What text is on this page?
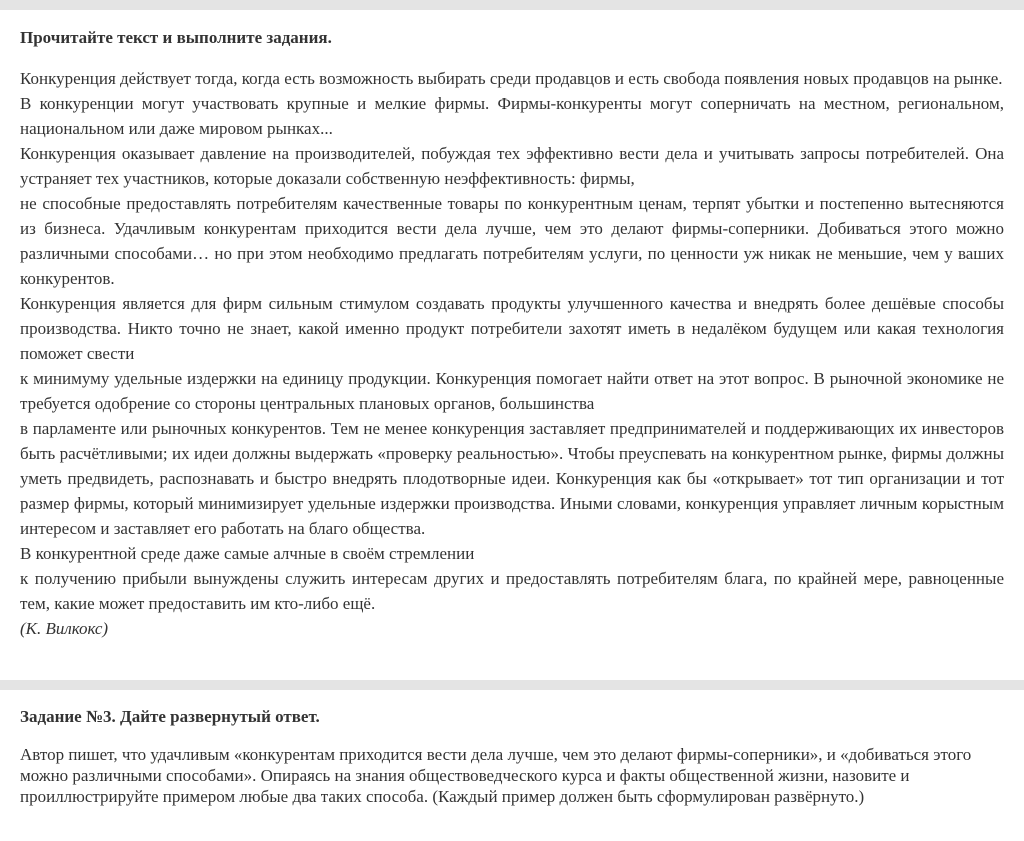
Прочитайте текст и выполните задания.

Конкуренция действует тогда, когда есть возможность выбирать среди продавцов и есть свобода появления новых продавцов на рынке.

В конкуренции могут участвовать крупные и мелкие фирмы. Фирмы-конкуренты могут соперничать на местном, региональном, национальном или даже мировом рынках...

Конкуренция оказывает давление на производителей, побуждая тех эффективно вести дела и учитывать запросы потребителей. Она устраняет тех участников, которые доказали собственную неэффективность: фирмы,

не способные предоставлять потребителям качественные товары по конкурентным ценам, терпят убытки и постепенно вытесняются из бизнеса. Удачливым конкурентам приходится вести дела лучше, чем это делают фирмы-соперники. Добиваться этого можно различными способами… но при этом необходимо предлагать потребителям услуги, по ценности уж никак не меньшие, чем у ваших конкурентов.

Конкуренция является для фирм сильным стимулом создавать продукты улучшенного качества и внедрять более дешёвые способы производства. Никто точно не знает, какой именно продукт потребители захотят иметь в недалёком будущем или какая технология поможет свести

к минимуму удельные издержки на единицу продукции. Конкуренция помогает найти ответ на этот вопрос. В рыночной экономике не требуется одобрение со стороны центральных плановых органов, большинства

в парламенте или рыночных конкурентов. Тем не менее конкуренция заставляет предпринимателей и поддерживающих их инвесторов быть расчётливыми; их идеи должны выдержать «проверку реальностью». Чтобы преуспевать на конкурентном рынке, фирмы должны уметь предвидеть, распознавать и быстро внедрять плодотворные идеи. Конкуренция как бы «открывает» тот тип организации и тот размер фирмы, который минимизирует удельные издержки производства. Иными словами, конкуренция управляет личным корыстным интересом и заставляет его работать на благо общества.

В конкурентной среде даже самые алчные в своём стремлении

к получению прибыли вынуждены служить интересам других и предоставлять потребителям блага, по крайней мере, равноценные тем, какие может предоставить им кто-либо ещё.

(К. Вилкокс)

Задание №3. Дайте развернутый ответ.

Автор пишет, что удачливым «конкурентам приходится вести дела лучше, чем это делают фирмы-соперники», и «добиваться этого можно различными способами». Опираясь на знания обществоведческого курса и факты общественной жизни, назовите и проиллюстрируйте примером любые два таких способа. (Каждый пример должен быть сформулирован развёрнуто.)
